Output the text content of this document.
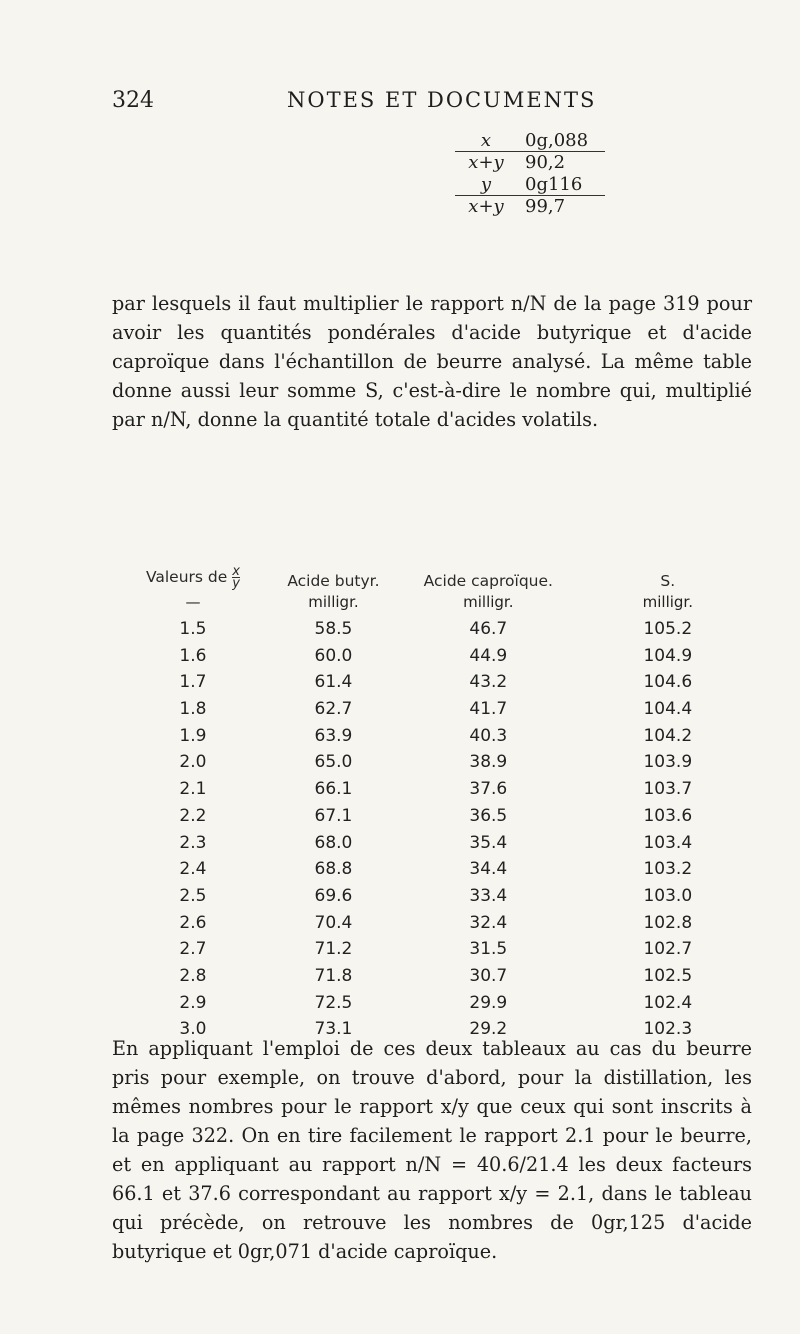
324	NOTES ET DOCUMENTS
x	0g,088
x+y	90,2
y	0g116
x+y	99,7

par lesquels il faut multiplier le rapport n/N de la page 319 pour avoir les quantités pondérales d'acide butyrique et d'acide caproïque dans l'échantillon de beurre analysé. La même table donne aussi leur somme S, c'est-à-dire le nombre qui, multiplié par n/N, donne la quantité totale d'acides volatils.

Valeurs de $\frac{x}{y}$	Acide butyr.	Acide caproïque.	S.
—	milligr.	milligr.	milligr.
1.5	58.5	46.7	105.2
1.6	60.0	44.9	104.9
1.7	61.4	43.2	104.6
1.8	62.7	41.7	104.4
1.9	63.9	40.3	104.2
2.0	65.0	38.9	103.9
2.1	66.1	37.6	103.7
2.2	67.1	36.5	103.6
2.3	68.0	35.4	103.4
2.4	68.8	34.4	103.2
2.5	69.6	33.4	103.0
2.6	70.4	32.4	102.8
2.7	71.2	31.5	102.7
2.8	71.8	30.7	102.5
2.9	72.5	29.9	102.4
3.0	73.1	29.2	102.3

En appliquant l'emploi de ces deux tableaux au cas du beurre pris pour exemple, on trouve d'abord, pour la distillation, les mêmes nombres pour le rapport x/y que ceux qui sont inscrits à la page 322. On en tire facilement le rapport 2.1 pour le beurre, et en appliquant au rapport n/N = 40.6/21.4 les deux facteurs 66.1 et 37.6 correspondant au rapport x/y = 2.1, dans le tableau qui précède, on retrouve les nombres de 0gr,125 d'acide butyrique et 0gr,071 d'acide caproïque.
